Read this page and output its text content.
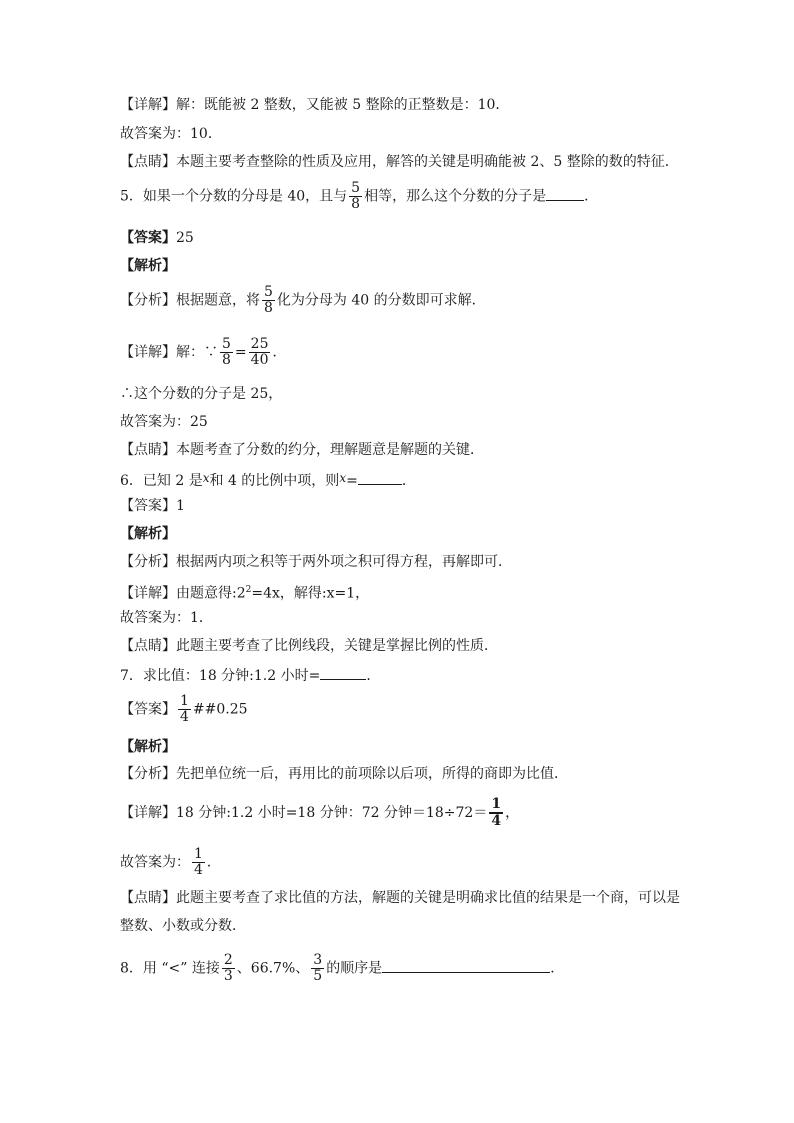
【详解】解：既能被 2 整数，又能被 5 整除的正整数是：10．
故答案为：10．
【点睛】本题主要考查整除的性质及应用，解答的关键是明确能被 2、5 整除的数的特征．
5．如果一个分数的分母是 40，且与 $\frac{5}{8}$ 相等，那么这个分数的分子是	．
【答案】25
【解析】
【分析】根据题意，将 $\frac{5}{8}$ 化为分母为 40 的分数即可求解．
【详解】解：∵ $\frac{5}{8} = \frac{25}{40}$ ．
∴这个分数的分子是 25，
故答案为：25
【点睛】本题考查了分数的约分，理解题意是解题的关键．
6．已知 2 是x和 4 的比例中项，则x=	．
【答案】1
【解析】
【分析】根据两内项之积等于两外项之积可得方程，再解即可．
【详解】由题意得$:2^2=4x$，解得:x=1，
故答案为：1．
【点睛】此题主要考查了比例线段，关键是掌握比例的性质．
7．求比值：18 分钟:1.2 小时=	．
【答案】 $\frac{1}{4}$ ##0.25
【解析】
【分析】先把单位统一后，再用比的前项除以后项，所得的商即为比值．
【详解】18 分钟:1.2 小时=18 分钟：72 分钟$=18\div 72= \frac{1}{4}$ ，
故答案为： $\frac{1}{4}$ ．
【点睛】此题主要考查了求比值的方法，解题的关键是明确求比值的结果是一个商，可以是
整数、小数或分数．
8．用 “<” 连接 $\frac{2}{3}$ 、66.7%、 $\frac{3}{5}$ 的顺序是	．
